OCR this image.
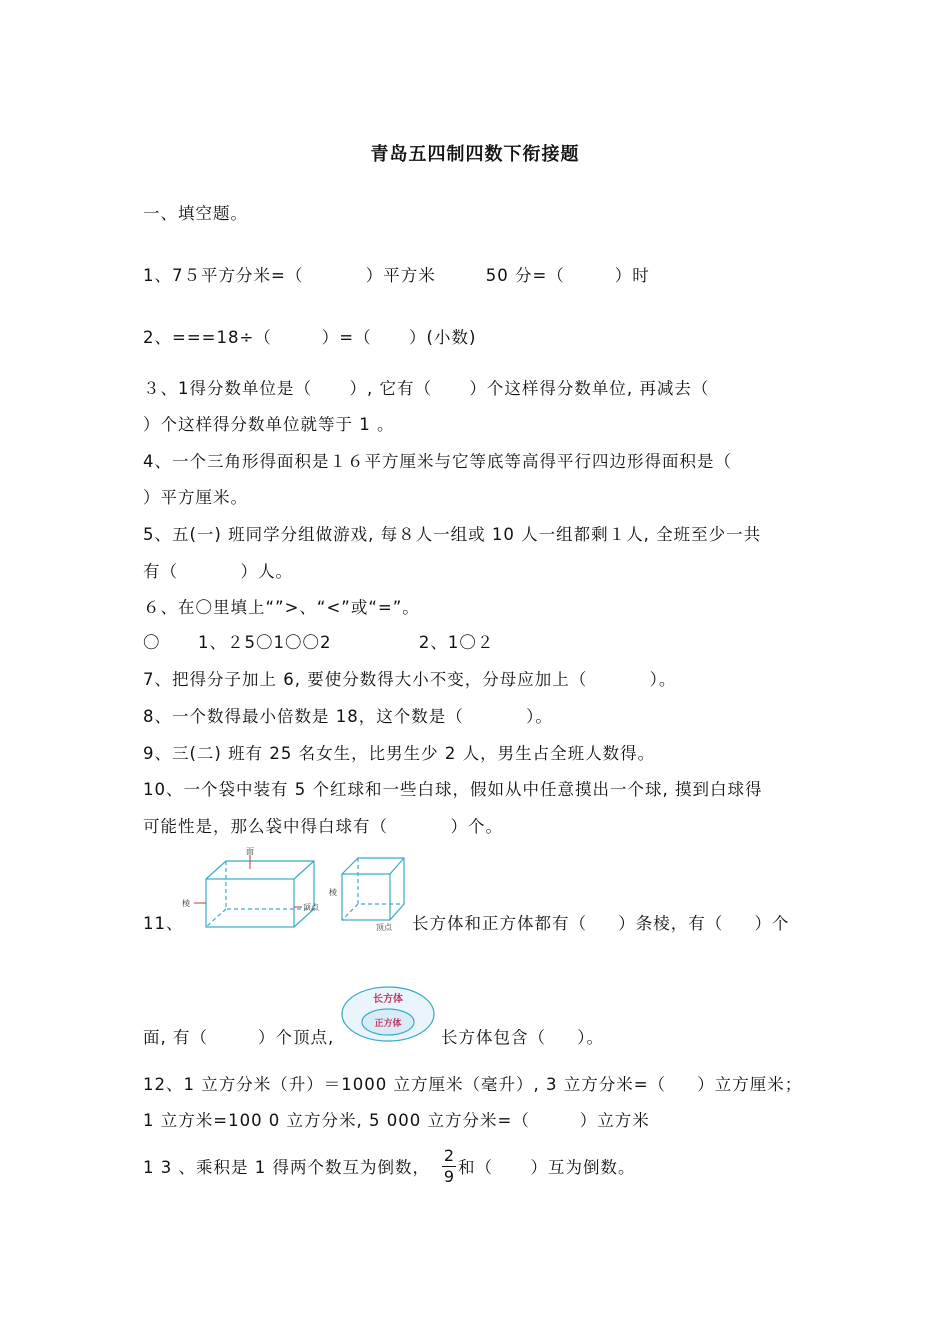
青岛五四制四数下衔接题
一、填空题。
1、7５平方分米=（          ）平方米        50 分=（        ）时
2、===18÷（        ）=（      ）(小数)
３、1得分数单位是（      ）, 它有（      ）个这样得分数单位, 再减去（
）个这样得分数单位就等于 1 。
4、一个三角形得面积是１６平方厘米与它等底等高得平行四边形得面积是（
）平方厘米。
5、五(一) 班同学分组做游戏, 每８人一组或 10 人一组都剩１人, 全班至少一共
有（          ）人。
６、在〇里填上“”>、“<”或“=”。
〇      1、２5〇1〇〇2              2、1〇２
7、把得分子加上 6, 要使分数得大小不变，分母应加上（          ）。
8、一个数得最小倍数是 18，这个数是（          ）。
9、三(二) 班有 25 名女生，比男生少 2 人，男生占全班人数得。
10、一个袋中装有 5 个红球和一些白球，假如从中任意摸出一个球, 摸到白球得
可能性是，那么袋中得白球有（          ）个。
11、
面
棱	顶点
棱
顶点 长方体和正方体都有（     ）条棱，有（     ）个
面, 有（        ）个顶点,
长方体
正方体
长方体包含（     ）。
12、1 立方分米（升）＝1000 立方厘米（毫升）, 3 立方分米=（     ）立方厘米；
1 立方米=100 0 立方分米, 5 000 立方分米=（        ）立方米
1 3 、乘积是 1 得两个数互为倒数，
2
9 和（      ）互为倒数。
